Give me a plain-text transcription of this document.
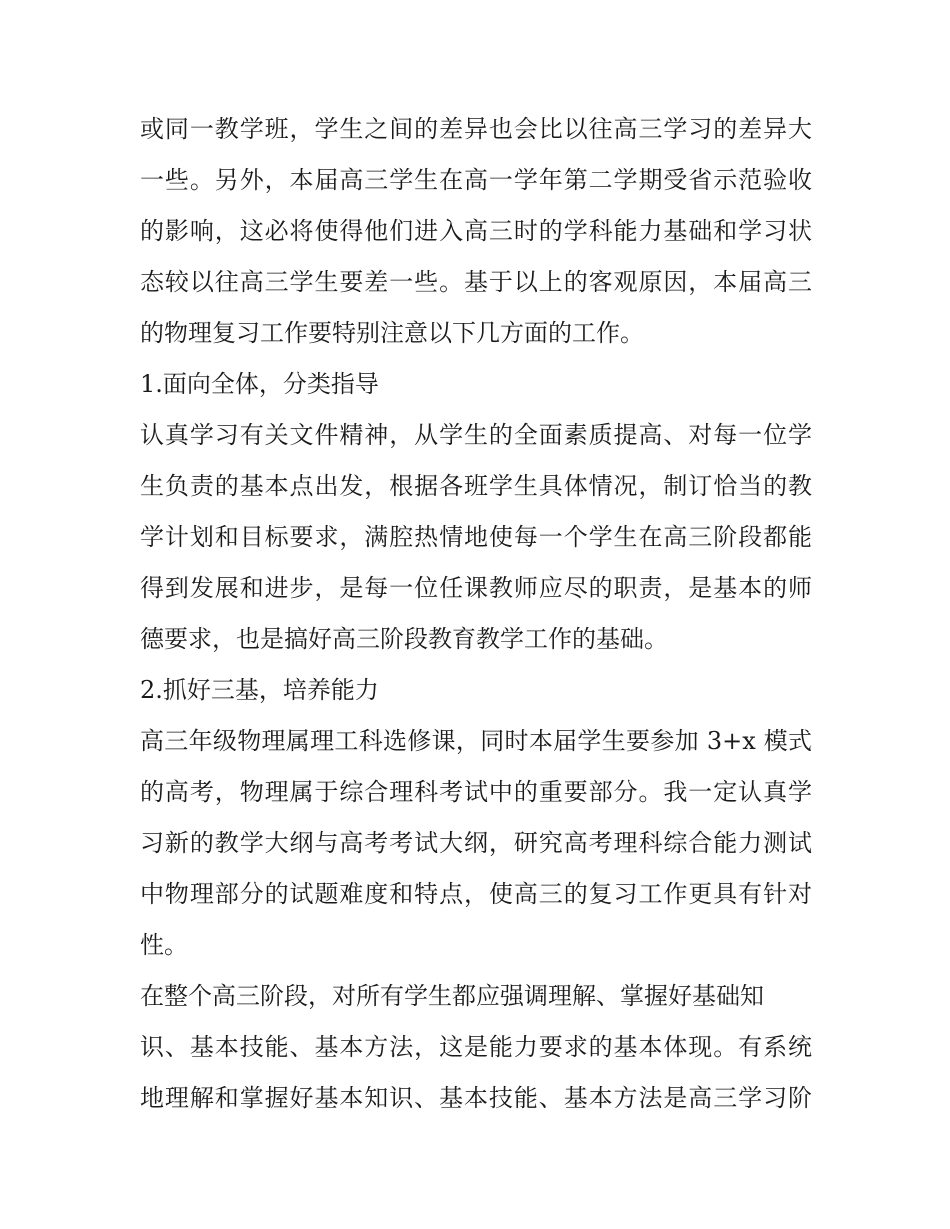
或同一教学班，学生之间的差异也会比以往高三学习的差异大
一些。另外，本届高三学生在高一学年第二学期受省示范验收
的影响，这必将使得他们进入高三时的学科能力基础和学习状
态较以往高三学生要差一些。基于以上的客观原因，本届高三
的物理复习工作要特别注意以下几方面的工作。
1.面向全体，分类指导
认真学习有关文件精神，从学生的全面素质提高、对每一位学
生负责的基本点出发，根据各班学生具体情况，制订恰当的教
学计划和目标要求，满腔热情地使每一个学生在高三阶段都能
得到发展和进步，是每一位任课教师应尽的职责，是基本的师
德要求，也是搞好高三阶段教育教学工作的基础。
2.抓好三基，培养能力
高三年级物理属理工科选修课，同时本届学生要参加 3+x 模式
的高考，物理属于综合理科考试中的重要部分。我一定认真学
习新的教学大纲与高考考试大纲，研究高考理科综合能力测试
中物理部分的试题难度和特点，使高三的复习工作更具有针对
性。
在整个高三阶段，对所有学生都应强调理解、掌握好基础知
识、基本技能、基本方法，这是能力要求的基本体现。有系统
地理解和掌握好基本知识、基本技能、基本方法是高三学习阶
